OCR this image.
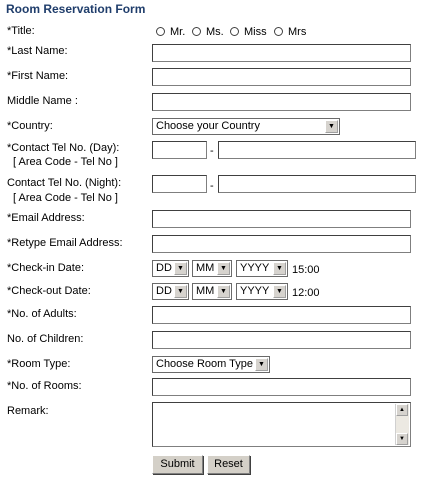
Room Reservation Form
*Title:	Mr. Ms. Miss Mrs
*Last Name:
*First Name:
Middle Name :
*Country:	Choose your Country	▼
*Contact Tel No. (Day):
[ Area Code - Tel No ]
-
Contact Tel No. (Night):
[ Area Code - Tel No ]
-
*Email Address:
*Retype Email Address:
*Check-in Date:	DD ▼	MM ▼	YYYY ▼ 15:00
*Check-out Date:	DD ▼	MM ▼	YYYY ▼ 12:00
*No. of Adults:
No. of Children:
*Room Type:	Choose Room Type ▼
*No. of Rooms:
Remark:	▲
▼
Submit	Reset
